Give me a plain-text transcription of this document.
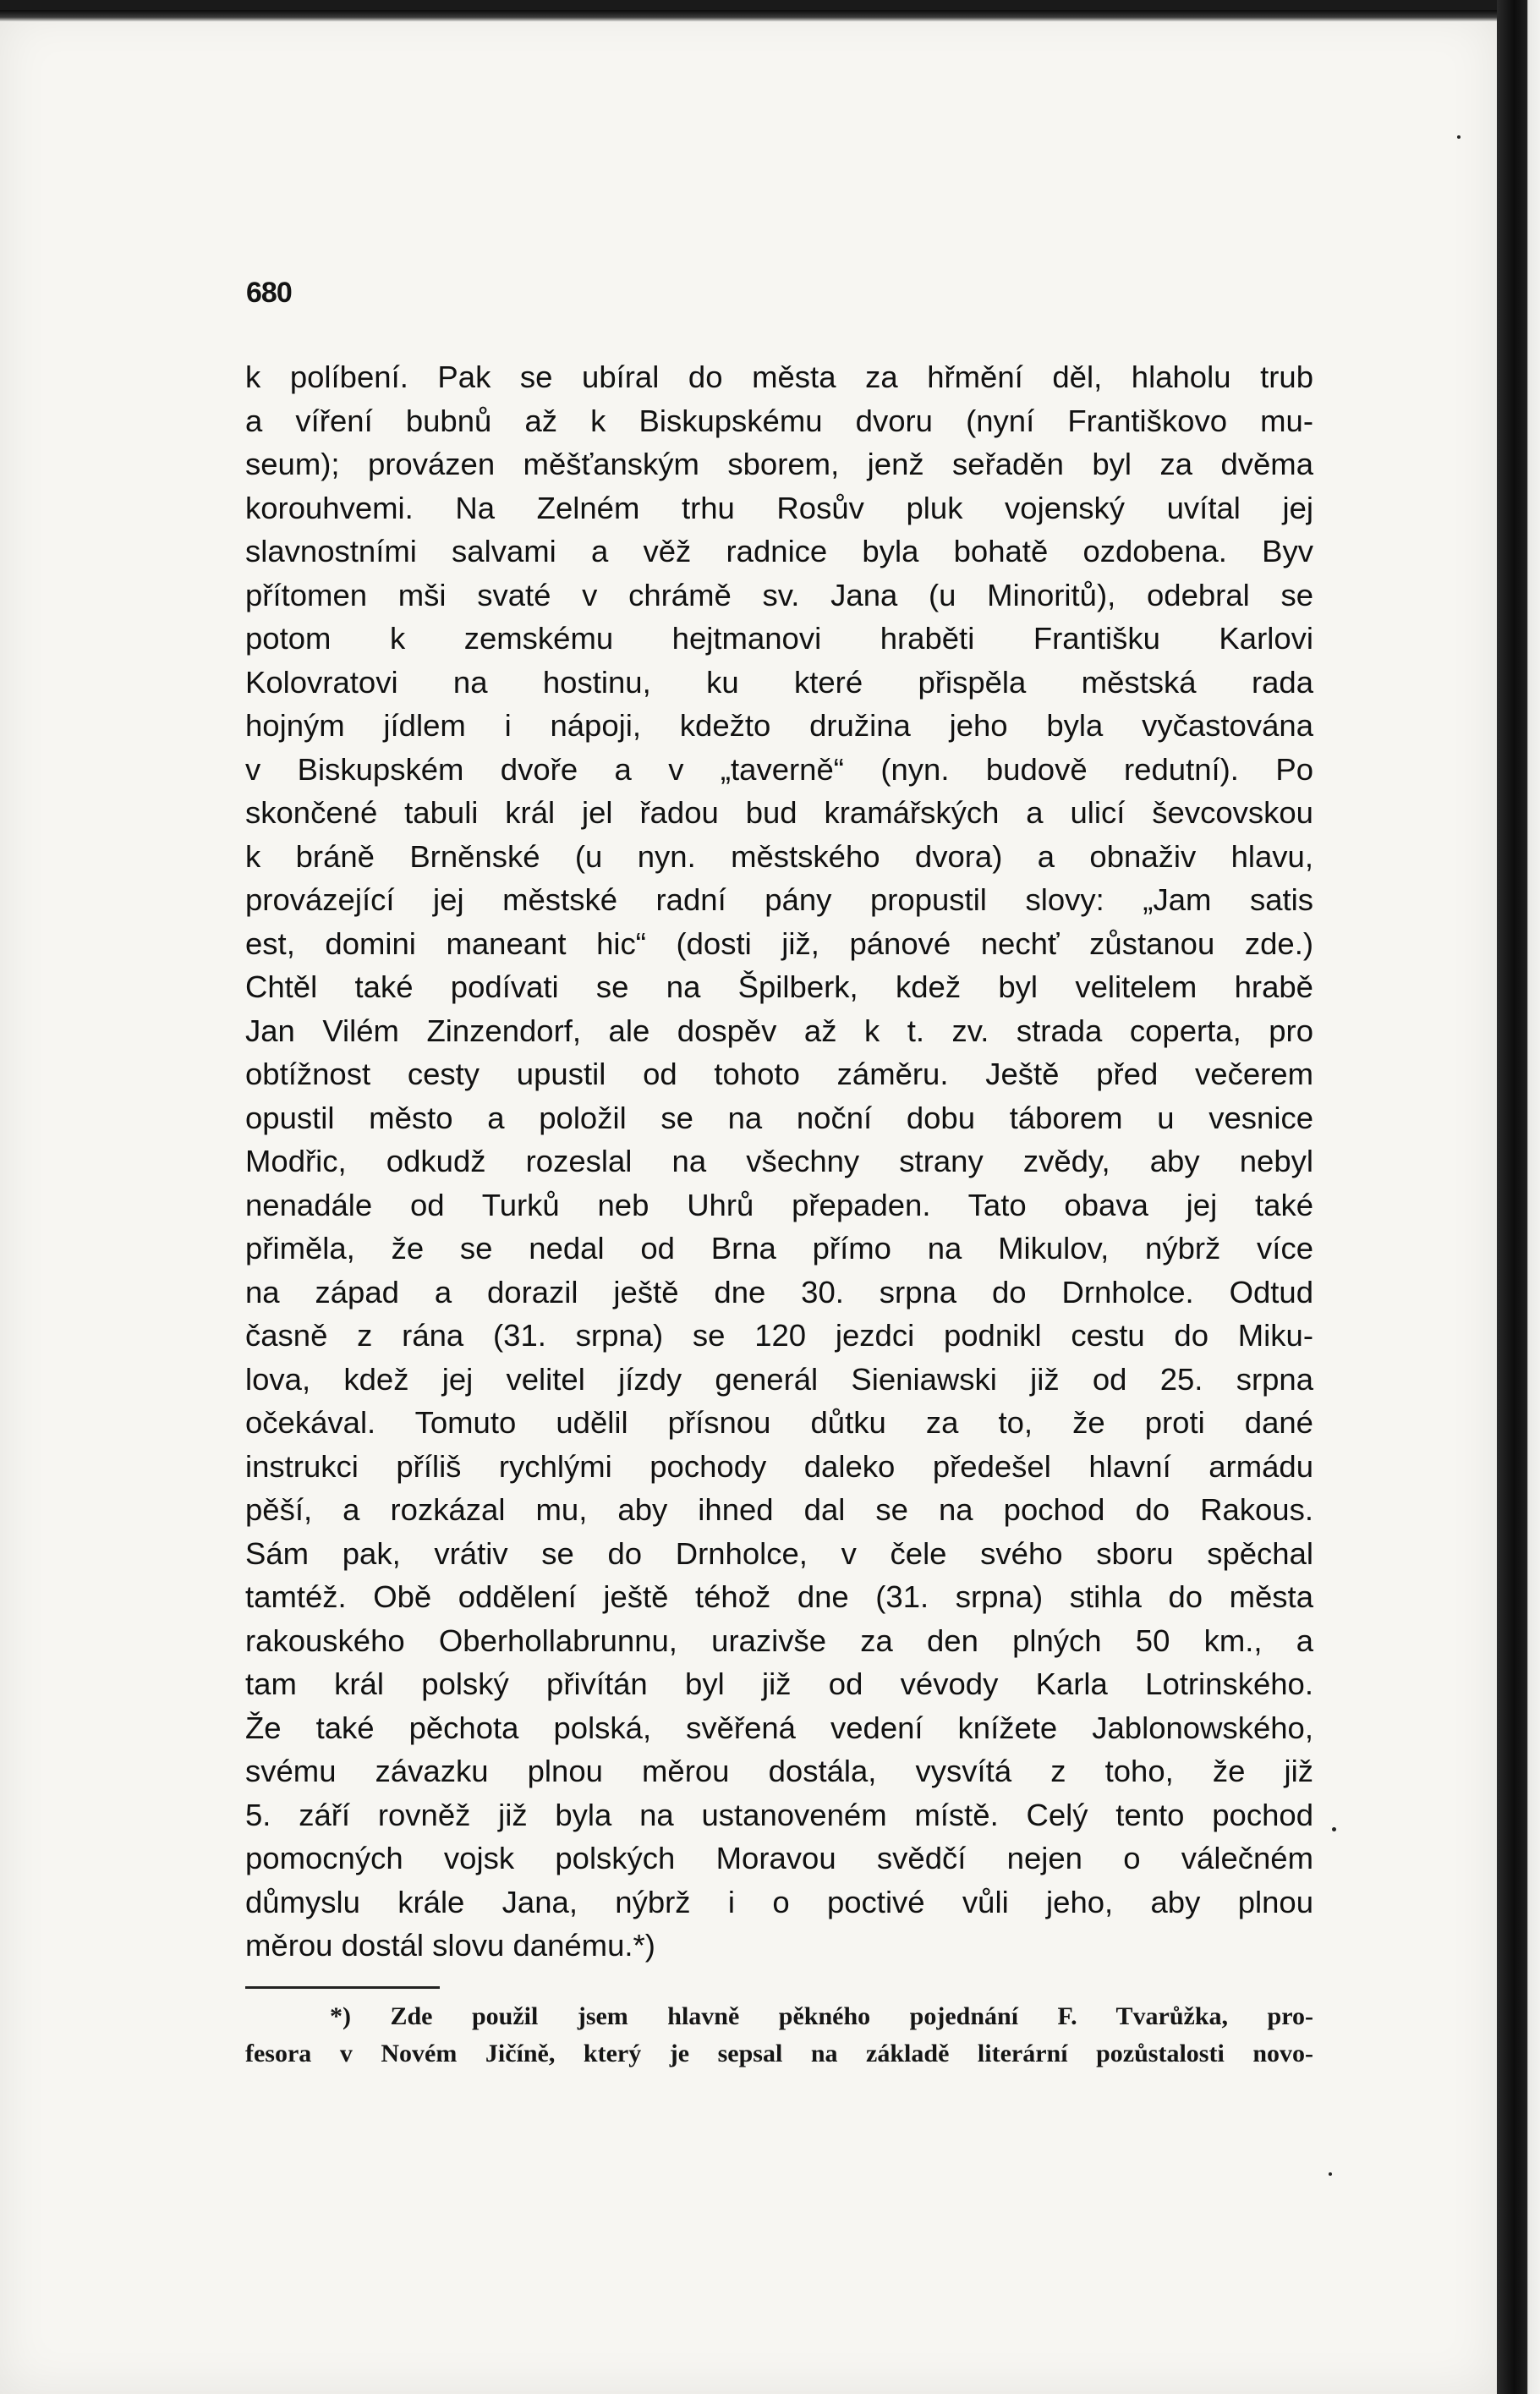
680
k políbení. Pak se ubíral do města za hřmění děl, hlaholu trub
a víření bubnů až k Biskupskému dvoru (nyní Františkovo mu-
seum); provázen měšťanským sborem, jenž seřaděn byl za dvěma
korouhvemi. Na Zelném trhu Rosův pluk vojenský uvítal jej
slavnostními salvami a věž radnice byla bohatě ozdobena. Byv
přítomen mši svaté v chrámě sv. Jana (u Minoritů), odebral se
potom k zemskému hejtmanovi hraběti Františku Karlovi
Kolovratovi na hostinu, ku které přispěla městská rada
hojným jídlem i nápoji, kdežto družina jeho byla vyčastována
v Biskupském dvoře a v „taverně“ (nyn. budově redutní). Po
skončené tabuli král jel řadou bud kramářských a ulicí ševcovskou
k bráně Brněnské (u nyn. městského dvora) a obnaživ hlavu,
provázející jej městské radní pány propustil slovy: „Jam satis
est, domini maneant hic“ (dosti již, pánové nechť zůstanou zde.)
Chtěl také podívati se na Špilberk, kdež byl velitelem hrabě
Jan Vilém Zinzendorf, ale dospěv až k t. zv. strada coperta, pro
obtížnost cesty upustil od tohoto záměru. Ještě před večerem
opustil město a položil se na noční dobu táborem u vesnice
Modřic, odkudž rozeslal na všechny strany zvědy, aby nebyl
nenadále od Turků neb Uhrů přepaden. Tato obava jej také
přiměla, že se nedal od Brna přímo na Mikulov, nýbrž více
na západ a dorazil ještě dne 30. srpna do Drnholce. Odtud
časně z rána (31. srpna) se 120 jezdci podnikl cestu do Miku-
lova, kdež jej velitel jízdy generál Sieniawski již od 25. srpna
očekával. Tomuto udělil přísnou důtku za to, že proti dané
instrukci příliš rychlými pochody daleko předešel hlavní armádu
pěší, a rozkázal mu, aby ihned dal se na pochod do Rakous.
Sám pak, vrátiv se do Drnholce, v čele svého sboru spěchal
tamtéž. Obě oddělení ještě téhož dne (31. srpna) stihla do města
rakouského Oberhollabrunnu, urazivše za den plných 50 km., a
tam král polský přivítán byl již od vévody Karla Lotrinského.
Že také pěchota polská, svěřená vedení knížete Jablonowského,
svému závazku plnou měrou dostála, vysvítá z toho, že již
5. září rovněž již byla na ustanoveném místě. Celý tento pochod
pomocných vojsk polských Moravou svědčí nejen o válečném
důmyslu krále Jana, nýbrž i o poctivé vůli jeho, aby plnou
měrou dostál slovu danému.*)
*) Zde použil jsem hlavně pěkného pojednání F. Tvarůžka, pro-
fesora v Novém Jičíně, který je sepsal na základě literární pozůstalosti novo-
